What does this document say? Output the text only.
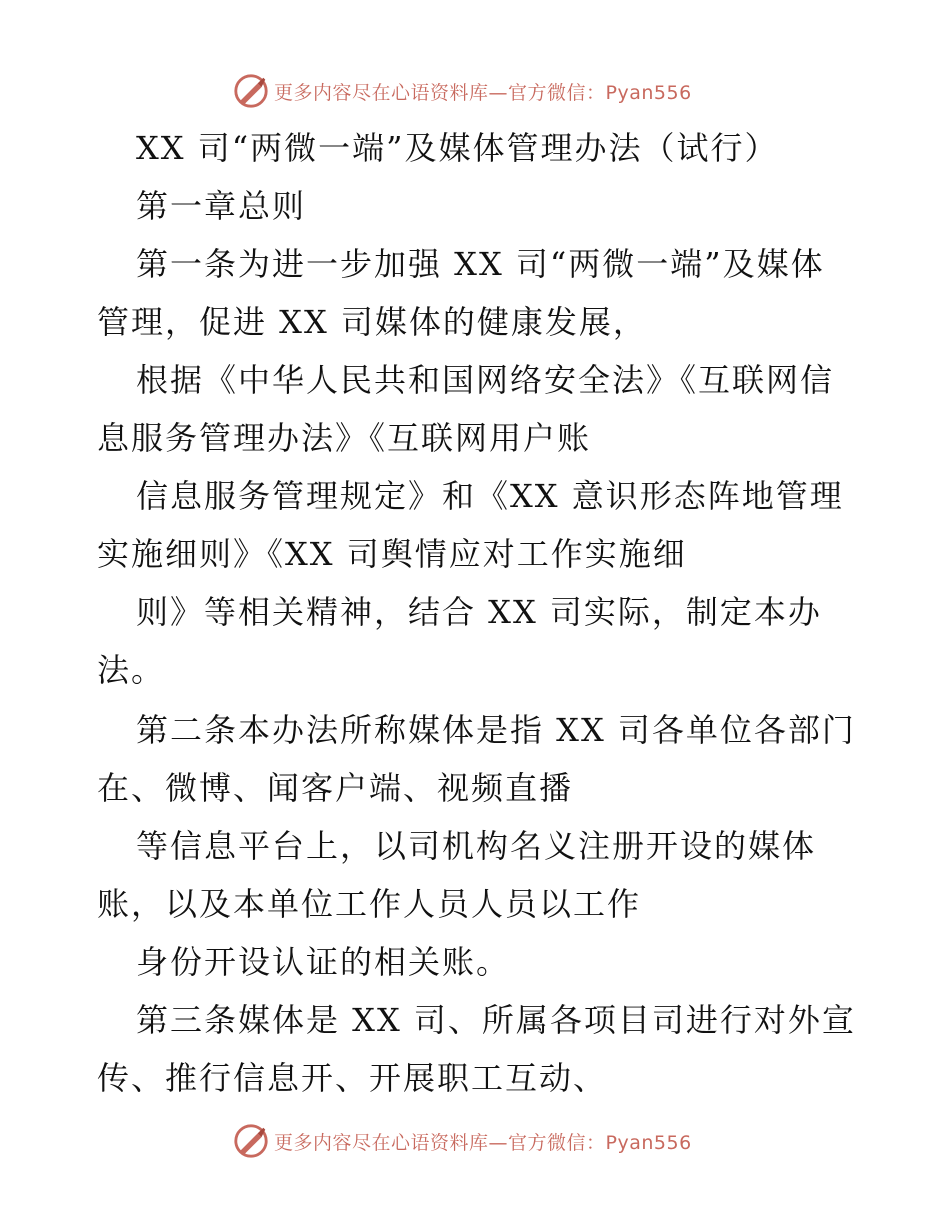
更多内容尽在心语资料库—官方微信：Pyan556
XX 司“两微一端”及媒体管理办法（试行）
第一章总则
第一条为进一步加强 XX 司“两微一端”及媒体
管理，促进 XX 司媒体的健康发展，
根据《中华人民共和国网络安全法》《互联网信
息服务管理办法》《互联网用户账
信息服务管理规定》和《XX 意识形态阵地管理
实施细则》《XX 司舆情应对工作实施细
则》等相关精神，结合 XX 司实际，制定本办
法。
第二条本办法所称媒体是指 XX 司各单位各部门
在、微博、闻客户端、视频直播
等信息平台上，以司机构名义注册开设的媒体
账，以及本单位工作人员人员以工作
身份开设认证的相关账。
第三条媒体是 XX 司、所属各项目司进行对外宣
传、推行信息开、开展职工互动、
更多内容尽在心语资料库—官方微信：Pyan556
